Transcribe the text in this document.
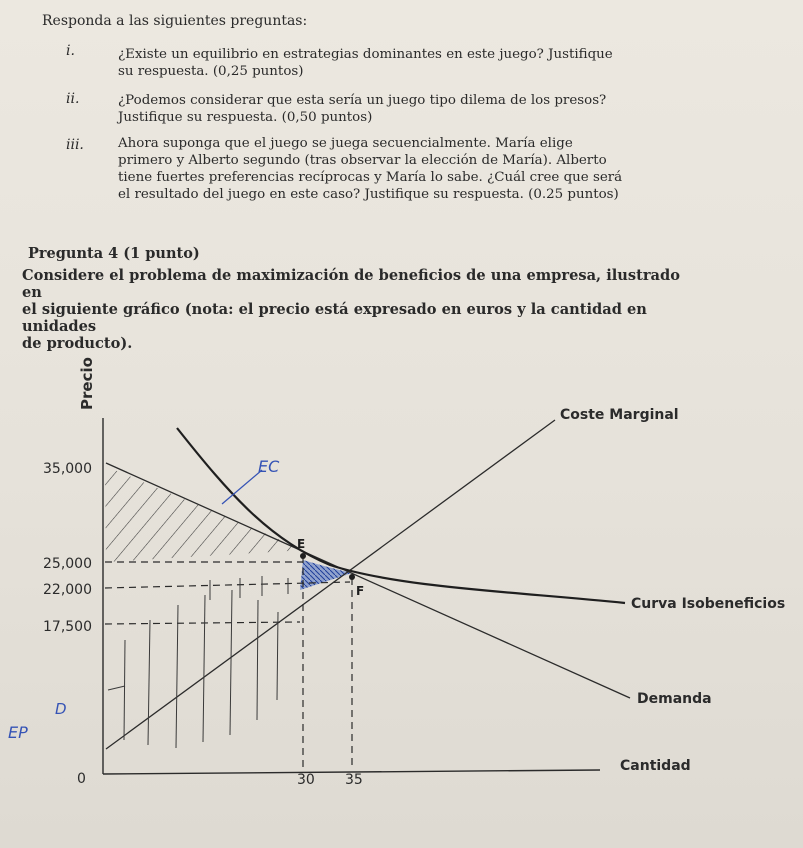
Responda a las siguientes preguntas:
i.	¿Existe un equilibrio en estrategias dominantes en este juego? Justifique
su respuesta. (0,25 puntos)
ii.	¿Podemos considerar que esta sería un juego tipo dilema de los presos?
Justifique su respuesta. (0,50 puntos)
iii.	Ahora suponga que el juego se juega secuencialmente. María elige
primero y Alberto segundo (tras observar la elección de María). Alberto
tiene fuertes preferencias recíprocas y María lo sabe. ¿Cuál cree que será
el resultado del juego en este caso? Justifique su respuesta. (0.25 puntos)
Pregunta 4 (1 punto)
Considere el problema de maximización de beneficios de una empresa, ilustrado en
el siguiente gráfico (nota: el precio está expresado en euros y la cantidad en unidades
de producto).
Precio
Cantidad
E
F
35,000
25,000
22,000
17,500
0	30 35
Coste Marginal
Curva Isobeneficios
Demanda
EC
EP
D
